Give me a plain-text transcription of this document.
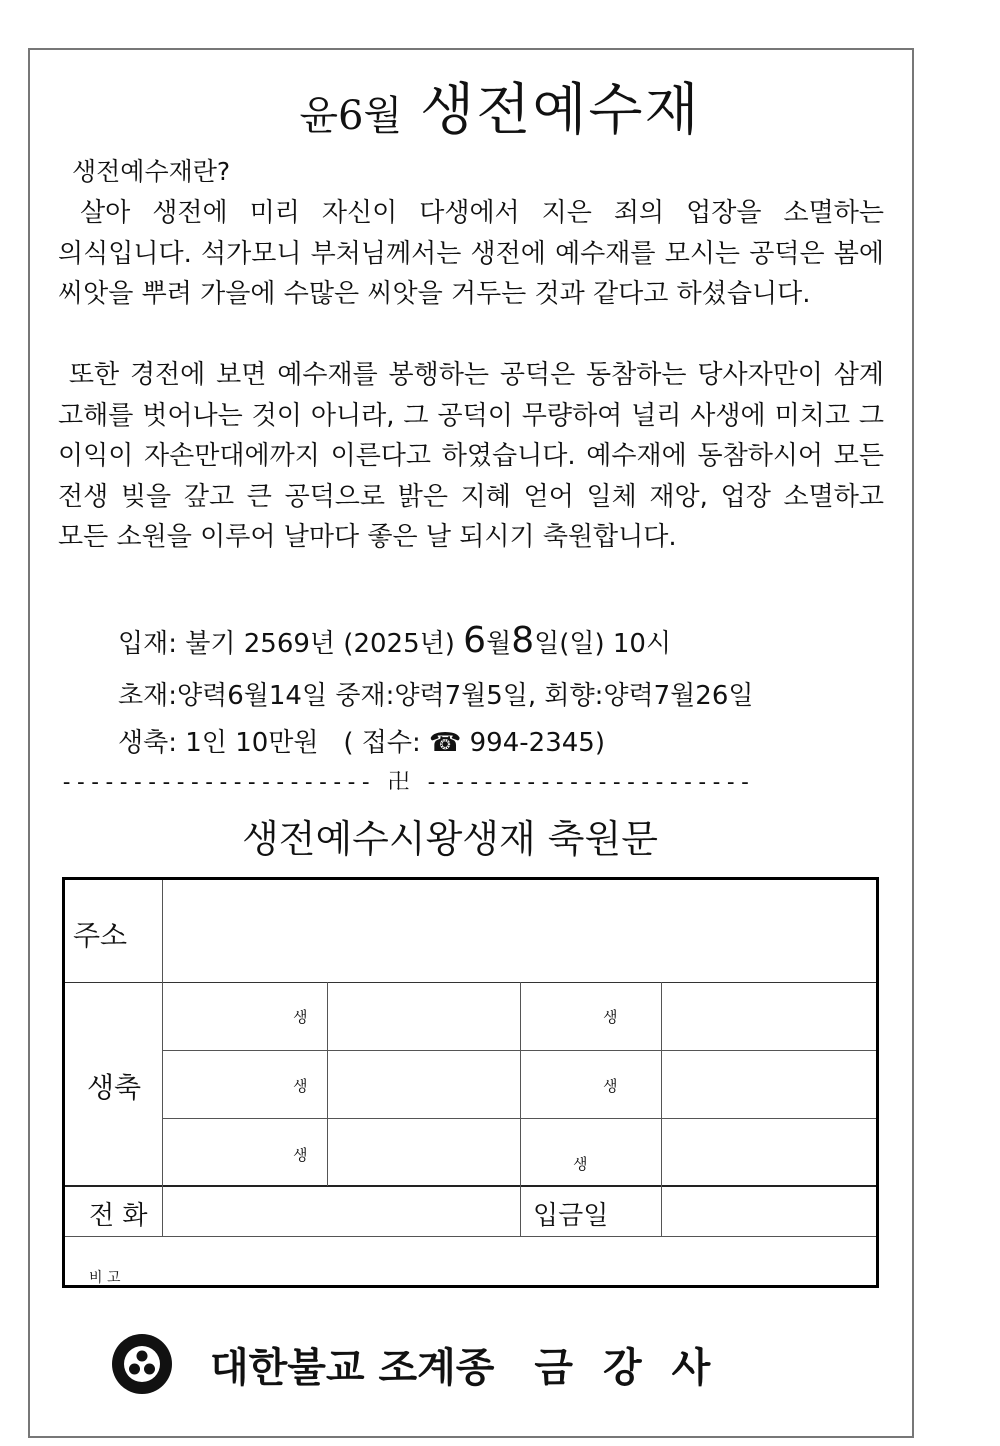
윤6월 생전예수재
생전예수재란?
살아 생전에 미리 자신이 다생에서 지은 죄의 업장을 소멸하는 의식입니다. 석가모니 부처님께서는 생전에 예수재를 모시는 공덕은 봄에 씨앗을 뿌려 가을에 수많은 씨앗을 거두는 것과 같다고 하셨습니다.
또한 경전에 보면 예수재를 봉행하는 공덕은 동참하는 당사자만이 삼계 고해를 벗어나는 것이 아니라, 그 공덕이 무량하여 널리 사생에 미치고 그 이익이 자손만대에까지 이른다고 하였습니다. 예수재에 동참하시어 모든 전생 빚을 갚고 큰 공덕으로 밝은 지혜 얻어 일체 재앙, 업장 소멸하고 모든 소원을 이루어 날마다 좋은 날 되시기 축원합니다.
입재: 불기 2569년 (2025년) 6월8일(일) 10시
초재:양력6월14일 중재:양력7월5일, 회향:양력7월26일
생축: 1인 10만원 ( 접수: ☎ 994-2345)
---------------------- 卍 -----------------------
생전예수시왕생재 축원문
주소
생축
생
생
생
생
생
생
전 화	입금일
비 고
대한불교 조계종 금강사
